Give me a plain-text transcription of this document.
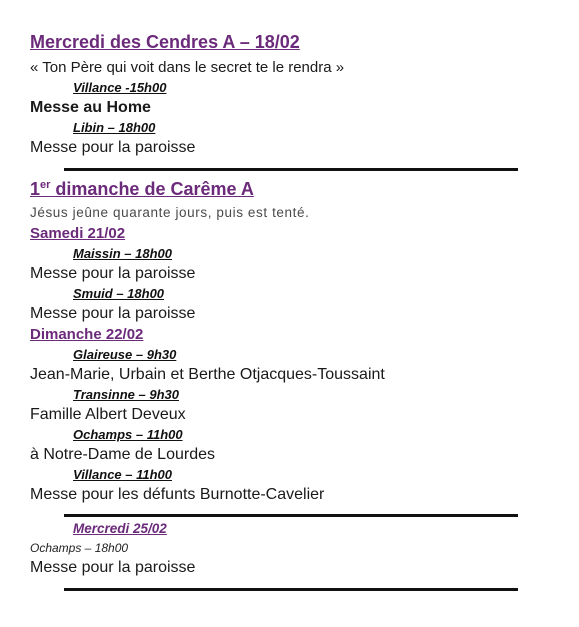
Mercredi des Cendres A – 18/02
« Ton Père qui voit dans le secret te le rendra »
Villance -15h00
Messe au Home
Libin – 18h00
Messe pour la paroisse
1er dimanche de Carême A
Jésus jeûne quarante jours, puis est tenté.
Samedi 21/02
Maissin – 18h00
Messe pour la paroisse
Smuid – 18h00
Messe pour la paroisse
Dimanche 22/02
Glaireuse – 9h30
Jean-Marie, Urbain et Berthe Otjacques-Toussaint
Transinne – 9h30
Famille Albert Deveux
Ochamps – 11h00
à Notre-Dame de Lourdes
Villance – 11h00
Messe pour les défunts Burnotte-Cavelier
Mercredi 25/02
Ochamps – 18h00
Messe pour la paroisse
